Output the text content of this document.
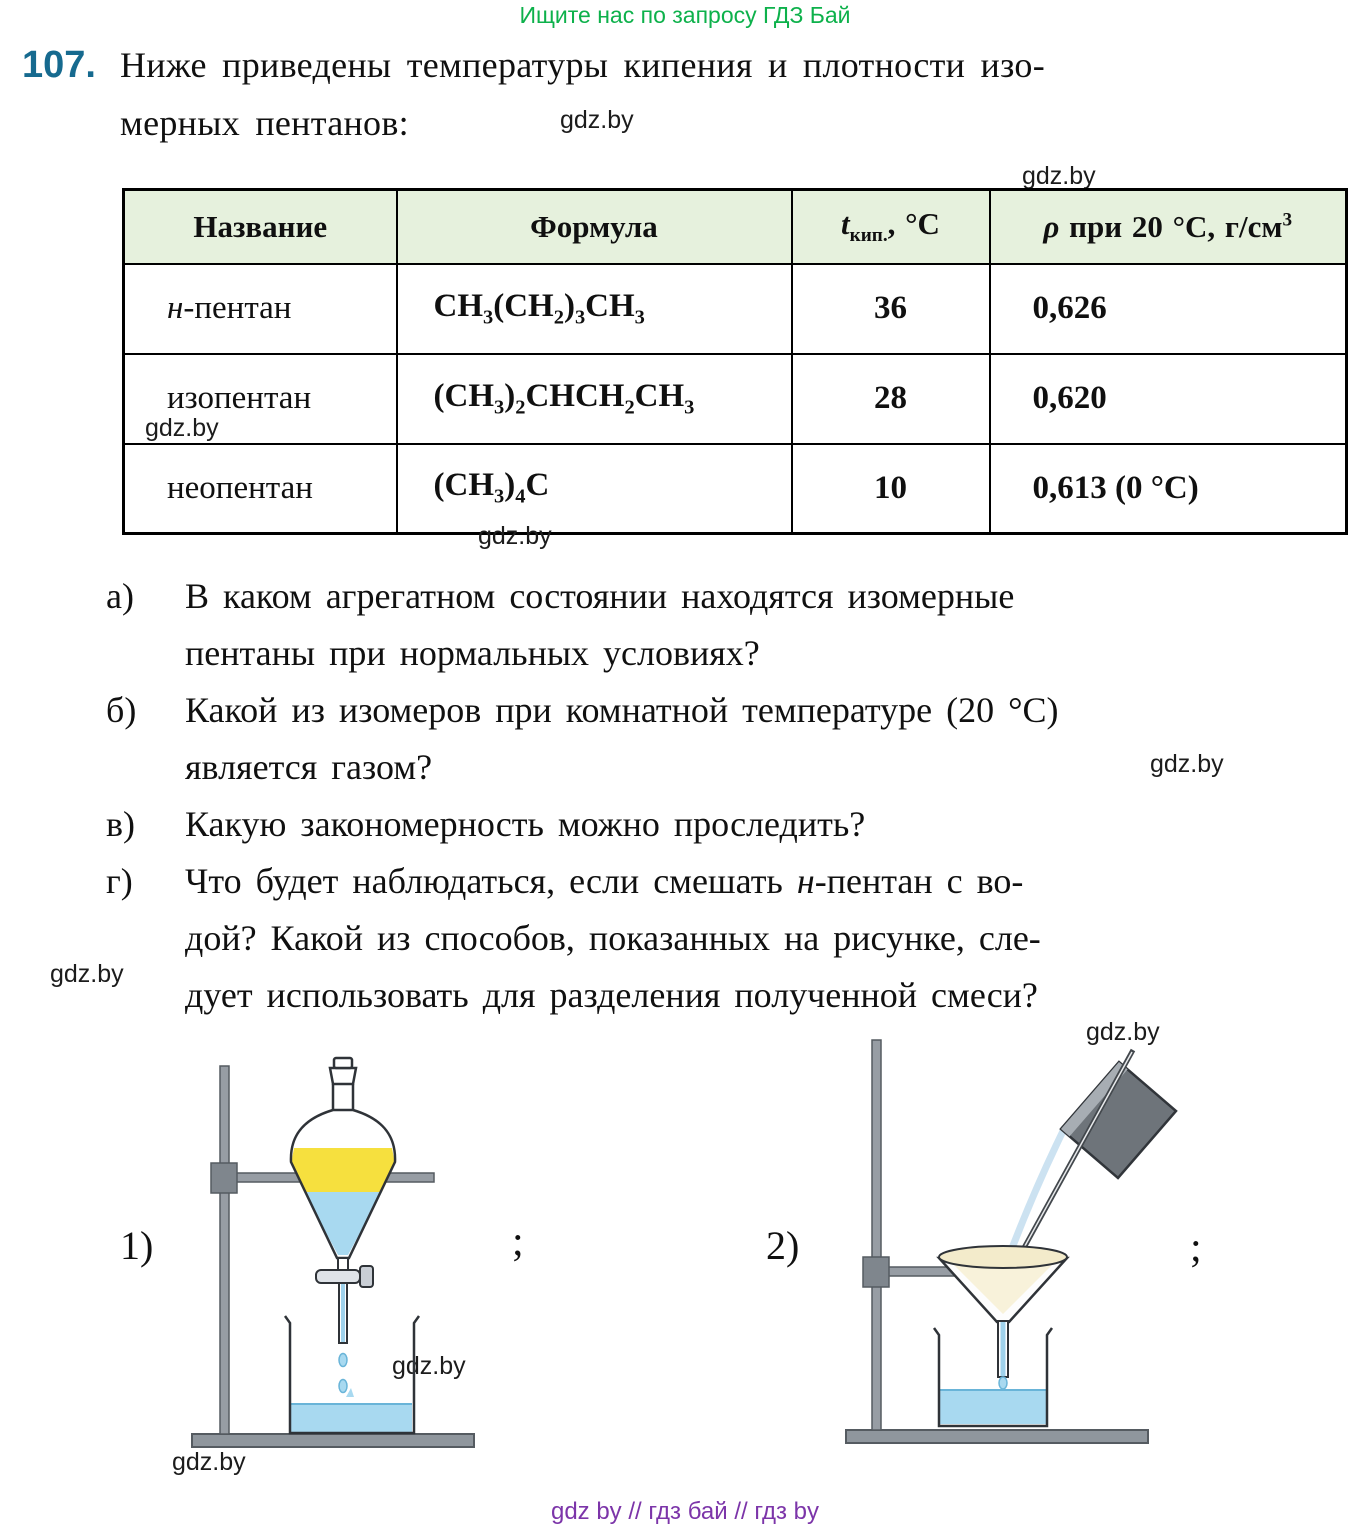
Ищите нас по запросу ГДЗ Бай
107. Ниже приведены температуры кипения и плотности изо-
мерных пентанов:	gdz.by
gdz.by
gdz.by
gdz.by
gdz.by
gdz.by
gdz.by
gdz.by
gdz.by
Название	Формула	$t_{кип.}$, °C	ρ при 20 °C, $г/см^3$
н-пентан	$CH_3(CH_2)_3CH_3$	36	0,626
изопентан	$(CH_3)_2CHCH_2CH_3$	28	0,620
неопентан	$(CH_3)_4C$	10	0,613 (0 °C)
а)	В каком агрегатном состоянии находятся изомерные
пентаны при нормальных условиях?
б)	Какой из изомеров при комнатной температуре (20 °C)
является газом?
в)	Какую закономерность можно проследить?
г)	Что будет наблюдаться, если смешать н-пентан с во-
дой? Какой из способов, показанных на рисунке, сле-
дует использовать для разделения полученной смеси?
1)	;	2)	;
gdz by // гдз бай // гдз by
